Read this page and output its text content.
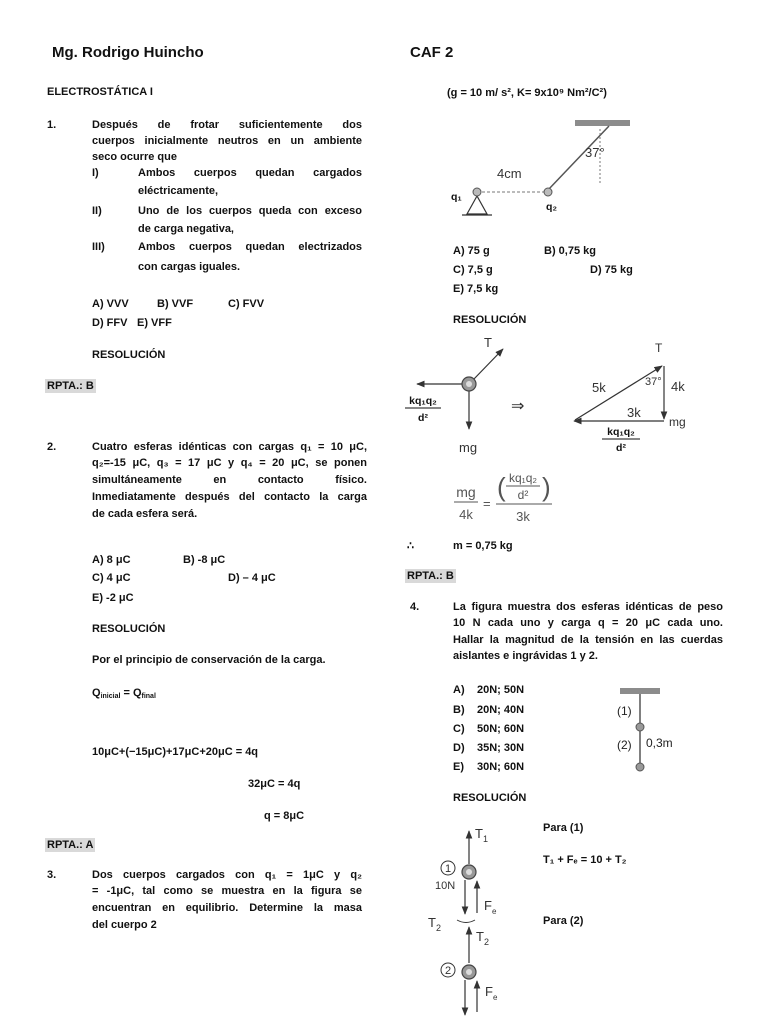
Mg. Rodrigo Huincho	CAF 2
ELECTROSTÁTICA I
1.	Después de frotar suficientemente dos
cuerpos inicialmente neutros en un ambiente
seco ocurre que
I)	Ambos cuerpos quedan cargados
eléctricamente,
II)	Uno de los cuerpos queda con exceso
de carga negativa,
III)	Ambos cuerpos quedan electrizados
con cargas iguales.
A) VVV	B) VVF	C) FVV
D) FFV E) VFF
RESOLUCIÓN
RPTA.: B
2.	Cuatro esferas idénticas con cargas q₁ = 10 μC,
q₂=-15 μC, q₃ = 17 μC y q₄ = 20 μC, se ponen
simultáneamente en contacto físico.
Inmediatamente después del contacto la carga
de cada esfera será.
A) 8 μC	B) -8 μC
C) 4 μC	D) – 4 μC
E) -2 μC
RESOLUCIÓN
Por el principio de conservación de la carga.
$Q_{inicial} = Q_{final}$
10μC+(−15μC)+17μC+20μC = 4q
32μC = 4q
q = 8μC
RPTA.: A
3.	Dos cuerpos cargados con q₁ = 1μC y q₂
= -1μC, tal como se muestra en la figura se
encuentran en equilibrio. Determine la masa
del cuerpo 2
(g = 10 m/ s², K= 9x10⁹ Nm²/C²)
A) 75 g	B) 0,75 kg
C) 7,5 g	D) 75 kg
E) 7,5 kg
RESOLUCIÓN
∴	m = 0,75 kg
RPTA.: B
4.	La figura muestra dos esferas idénticas de peso
10 N cada uno y carga q = 20 μC cada uno.
Hallar la magnitud de la tensión en las cuerdas
aislantes e ingrávidas 1 y 2.
A) 20N; 50N
B) 20N; 40N
C) 50N; 60N
D) 35N; 30N
E) 30N; 60N
RESOLUCIÓN
Para (1)
T₁ + Fₑ = 10 + T₂
Para (2)
37°
4cm
q₁
q₂
T
mg
kq₁q₂
d²
⇒
T
5k	37° 4k
3k
mg
kq₁q₂
d²
mg
4k
=
( kq₁q₂
d² )
3k
(1)
(2) 0,3m
T 1
1
10N
F e
T 2
T 2
2
F e
